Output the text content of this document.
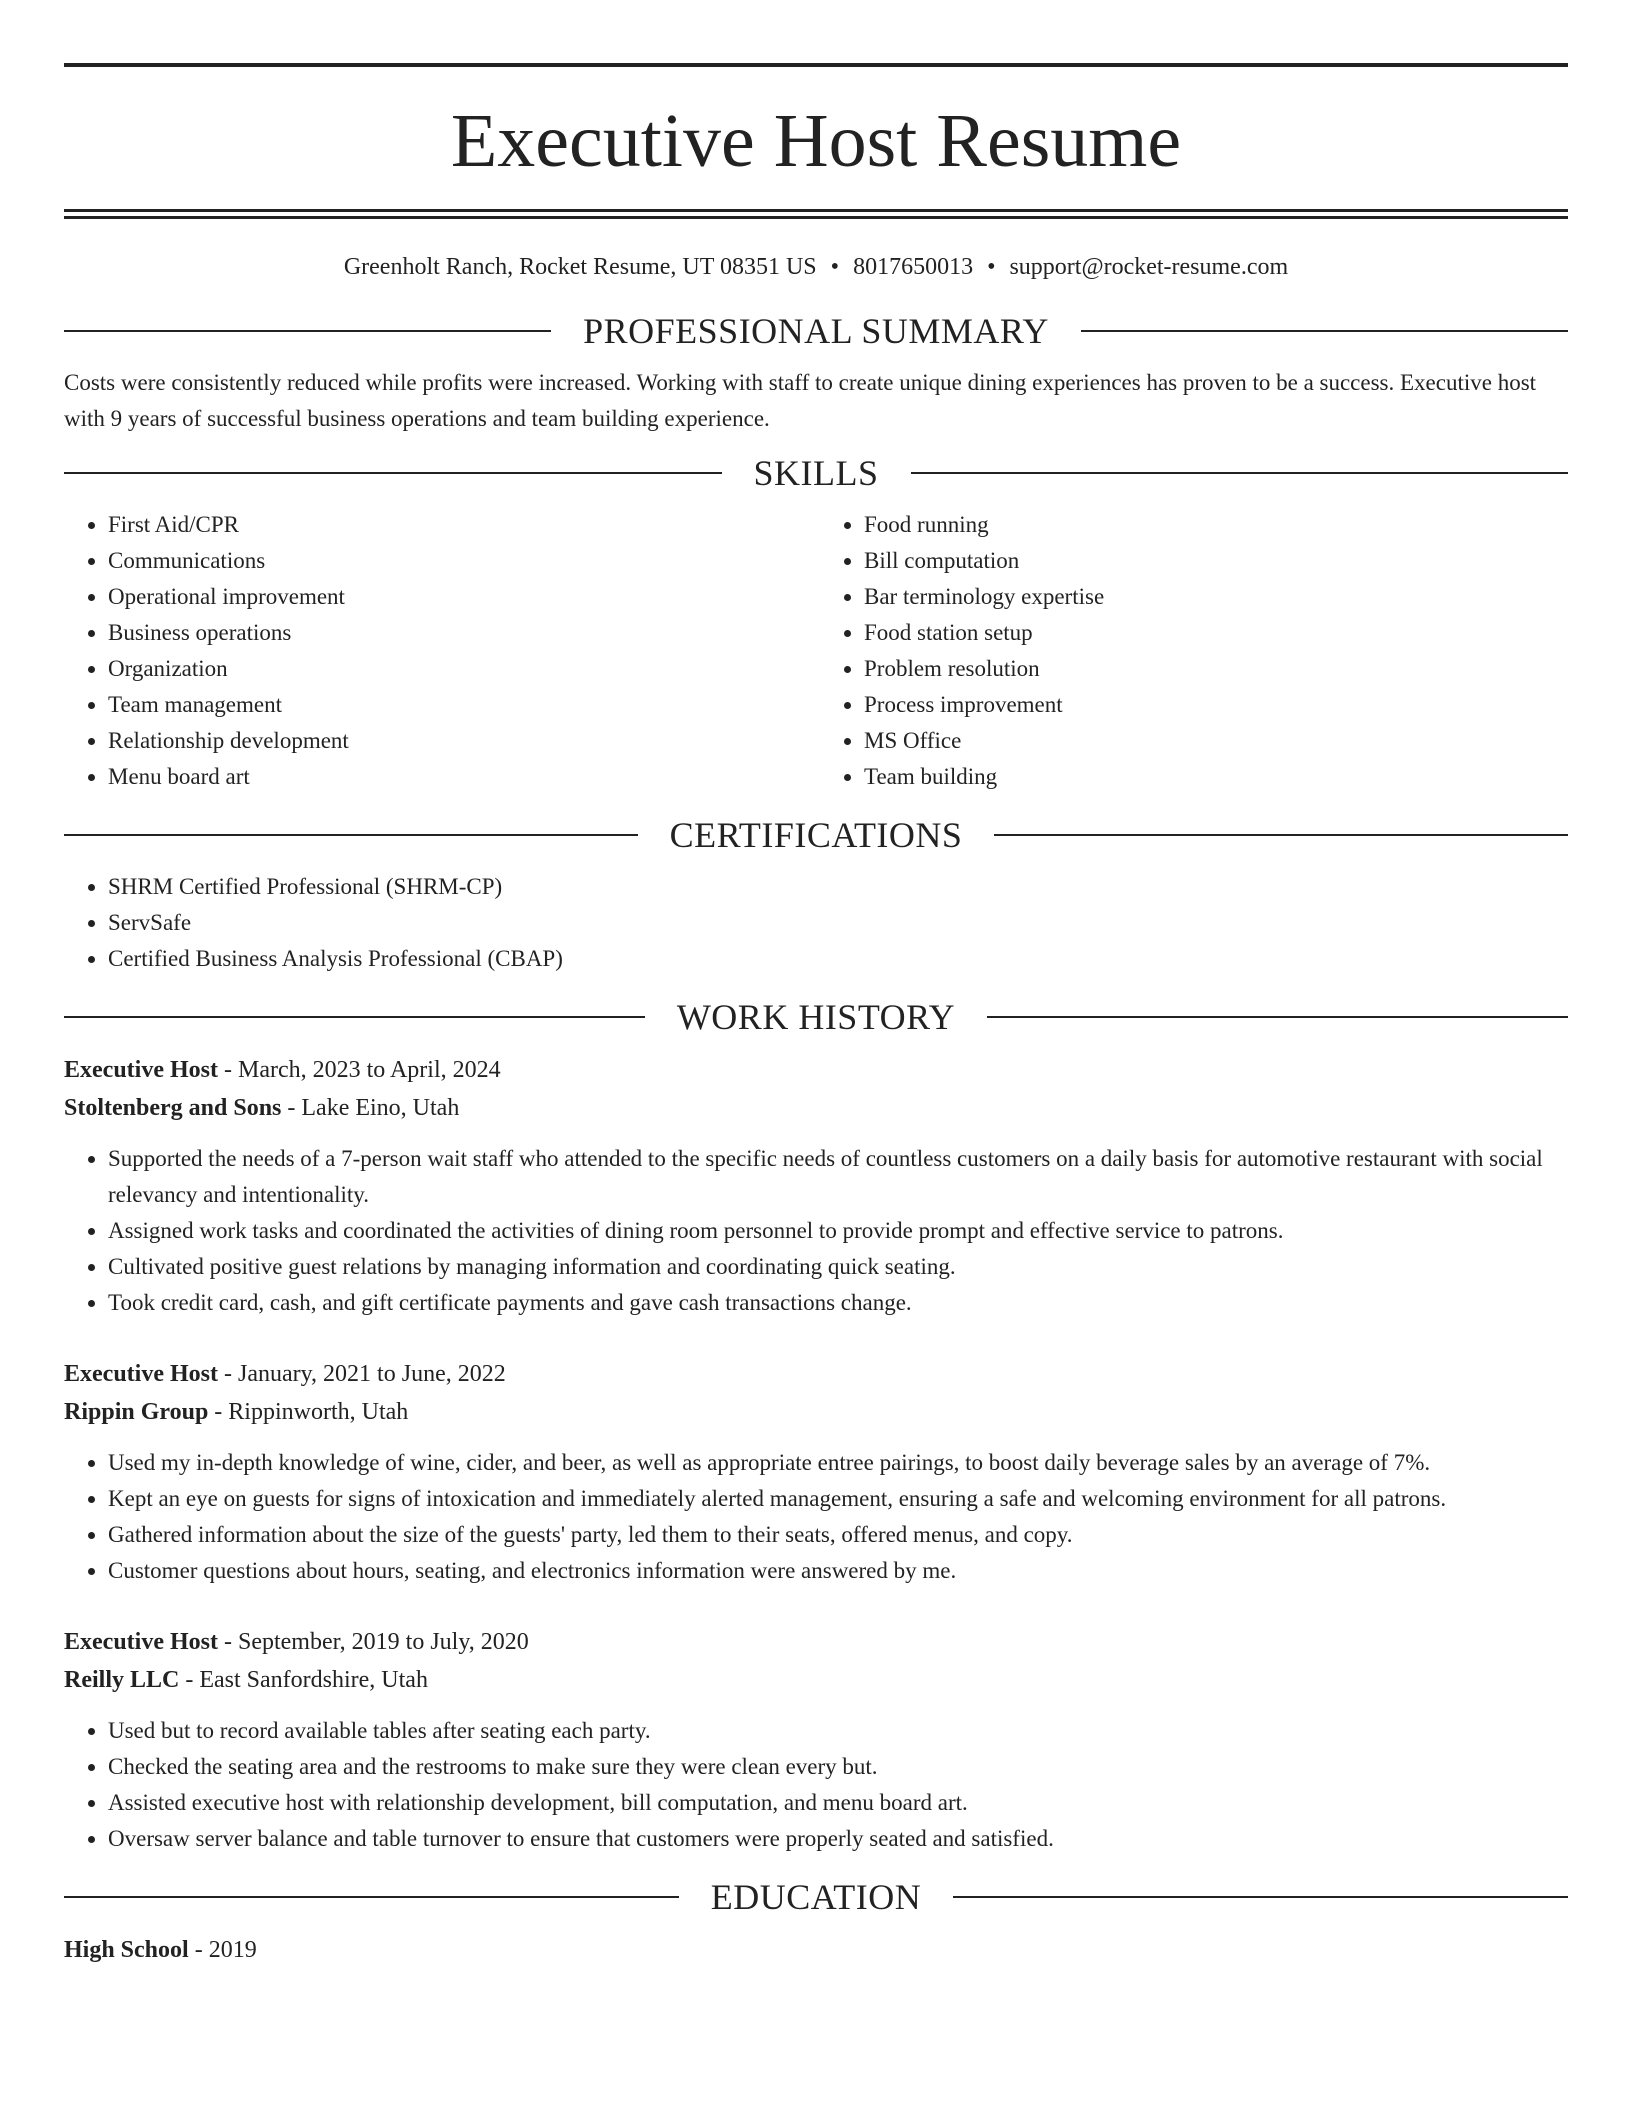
Executive Host Resume
Greenholt Ranch, Rocket Resume, UT 08351 US • 8017650013 • support@rocket-resume.com
PROFESSIONAL SUMMARY

Costs were consistently reduced while profits were increased. Working with staff to create unique dining experiences has proven to be a success. Executive host with 9 years of successful business operations and team building experience.

SKILLS
• First Aid/CPR
• Communications
• Operational improvement
• Business operations
• Organization
• Team management
• Relationship development
• Menu board art
• Food running
• Bill computation
• Bar terminology expertise
• Food station setup
• Problem resolution
• Process improvement
• MS Office
• Team building
CERTIFICATIONS
• SHRM Certified Professional (SHRM-CP)
• ServSafe
• Certified Business Analysis Professional (CBAP)
WORK HISTORY
Executive Host - March, 2023 to April, 2024
Stoltenberg and Sons - Lake Eino, Utah
• Supported the needs of a 7-person wait staff who attended to the specific needs of countless customers on a daily basis for automotive restaurant with social relevancy and intentionality.
• Assigned work tasks and coordinated the activities of dining room personnel to provide prompt and effective service to patrons.
• Cultivated positive guest relations by managing information and coordinating quick seating.
• Took credit card, cash, and gift certificate payments and gave cash transactions change.
Executive Host - January, 2021 to June, 2022
Rippin Group - Rippinworth, Utah
• Used my in-depth knowledge of wine, cider, and beer, as well as appropriate entree pairings, to boost daily beverage sales by an average of 7%.
• Kept an eye on guests for signs of intoxication and immediately alerted management, ensuring a safe and welcoming environment for all patrons.
• Gathered information about the size of the guests' party, led them to their seats, offered menus, and copy.
• Customer questions about hours, seating, and electronics information were answered by me.
Executive Host - September, 2019 to July, 2020
Reilly LLC - East Sanfordshire, Utah
• Used but to record available tables after seating each party.
• Checked the seating area and the restrooms to make sure they were clean every but.
• Assisted executive host with relationship development, bill computation, and menu board art.
• Oversaw server balance and table turnover to ensure that customers were properly seated and satisfied.
EDUCATION
High School - 2019
